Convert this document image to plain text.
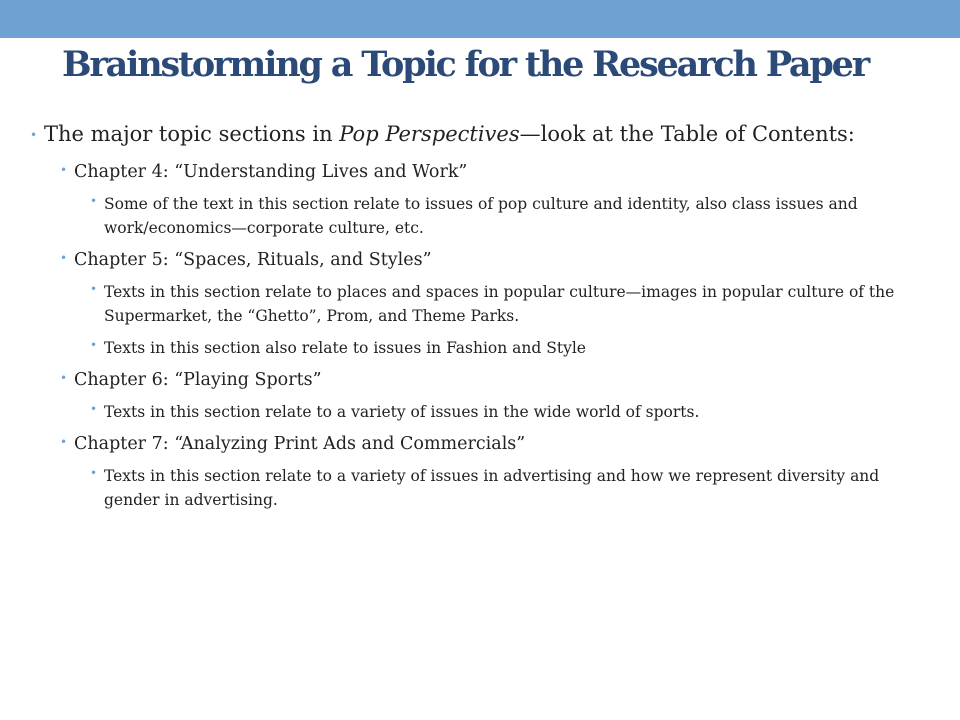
Brainstorming a Topic for the Research Paper
• The major topic sections in Pop Perspectives—look at the Table of Contents:
• Chapter 4: “Understanding Lives and Work”
• Some of the text in this section relate to issues of pop culture and identity, also class issues and work/economics—corporate culture, etc.
• Chapter 5: “Spaces, Rituals, and Styles”
• Texts in this section relate to places and spaces in popular culture—images in popular culture of the Supermarket, the “Ghetto”, Prom, and Theme Parks.
• Texts in this section also relate to issues in Fashion and Style
• Chapter 6: “Playing Sports”
• Texts in this section relate to a variety of issues in the wide world of sports.
• Chapter 7: “Analyzing Print Ads and Commercials”
• Texts in this section relate to a variety of issues in advertising and how we represent diversity and gender in advertising.
